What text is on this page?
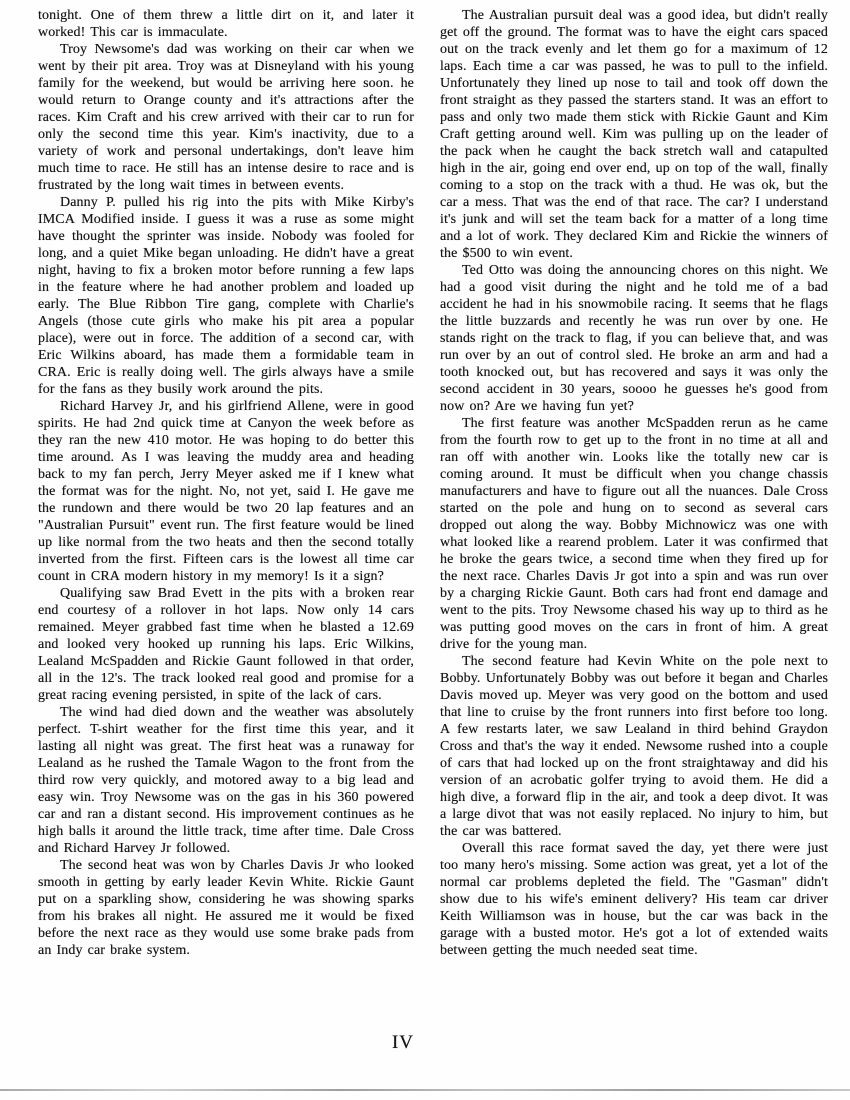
tonight. One of them threw a little dirt on it, and later it worked! This car is immaculate.

Troy Newsome's dad was working on their car when we went by their pit area. Troy was at Disneyland with his young family for the weekend, but would be arriving here soon. he would return to Orange county and it's attractions after the races. Kim Craft and his crew arrived with their car to run for only the second time this year. Kim's inactivity, due to a variety of work and personal undertakings, don't leave him much time to race. He still has an intense desire to race and is frustrated by the long wait times in between events.

Danny P. pulled his rig into the pits with Mike Kirby's IMCA Modified inside. I guess it was a ruse as some might have thought the sprinter was inside. Nobody was fooled for long, and a quiet Mike began unloading. He didn't have a great night, having to fix a broken motor before running a few laps in the feature where he had another problem and loaded up early. The Blue Ribbon Tire gang, complete with Charlie's Angels (those cute girls who make his pit area a popular place), were out in force. The addition of a second car, with Eric Wilkins aboard, has made them a formidable team in CRA. Eric is really doing well. The girls always have a smile for the fans as they busily work around the pits.

Richard Harvey Jr, and his girlfriend Allene, were in good spirits. He had 2nd quick time at Canyon the week before as they ran the new 410 motor. He was hoping to do better this time around. As I was leaving the muddy area and heading back to my fan perch, Jerry Meyer asked me if I knew what the format was for the night. No, not yet, said I. He gave me the rundown and there would be two 20 lap features and an "Australian Pursuit" event run. The first feature would be lined up like normal from the two heats and then the second totally inverted from the first. Fifteen cars is the lowest all time car count in CRA modern history in my memory! Is it a sign?

Qualifying saw Brad Evett in the pits with a broken rear end courtesy of a rollover in hot laps. Now only 14 cars remained. Meyer grabbed fast time when he blasted a 12.69 and looked very hooked up running his laps. Eric Wilkins, Lealand McSpadden and Rickie Gaunt followed in that order, all in the 12's. The track looked real good and promise for a great racing evening persisted, in spite of the lack of cars.

The wind had died down and the weather was absolutely perfect. T-shirt weather for the first time this year, and it lasting all night was great. The first heat was a runaway for Lealand as he rushed the Tamale Wagon to the front from the third row very quickly, and motored away to a big lead and easy win. Troy Newsome was on the gas in his 360 powered car and ran a distant second. His improvement continues as he high balls it around the little track, time after time. Dale Cross and Richard Harvey Jr followed.

The second heat was won by Charles Davis Jr who looked smooth in getting by early leader Kevin White. Rickie Gaunt put on a sparkling show, considering he was showing sparks from his brakes all night. He assured me it would be fixed before the next race as they would use some brake pads from an Indy car brake system.

The Australian pursuit deal was a good idea, but didn't really get off the ground. The format was to have the eight cars spaced out on the track evenly and let them go for a maximum of 12 laps. Each time a car was passed, he was to pull to the infield. Unfortunately they lined up nose to tail and took off down the front straight as they passed the starters stand. It was an effort to pass and only two made them stick with Rickie Gaunt and Kim Craft getting around well. Kim was pulling up on the leader of the pack when he caught the back stretch wall and catapulted high in the air, going end over end, up on top of the wall, finally coming to a stop on the track with a thud. He was ok, but the car a mess. That was the end of that race. The car? I understand it's junk and will set the team back for a matter of a long time and a lot of work. They declared Kim and Rickie the winners of the $500 to win event.

Ted Otto was doing the announcing chores on this night. We had a good visit during the night and he told me of a bad accident he had in his snowmobile racing. It seems that he flags the little buzzards and recently he was run over by one. He stands right on the track to flag, if you can believe that, and was run over by an out of control sled. He broke an arm and had a tooth knocked out, but has recovered and says it was only the second accident in 30 years, soooo he guesses he's good from now on? Are we having fun yet?

The first feature was another McSpadden rerun as he came from the fourth row to get up to the front in no time at all and ran off with another win. Looks like the totally new car is coming around. It must be difficult when you change chassis manufacturers and have to figure out all the nuances. Dale Cross started on the pole and hung on to second as several cars dropped out along the way. Bobby Michnowicz was one with what looked like a rearend problem. Later it was confirmed that he broke the gears twice, a second time when they fired up for the next race. Charles Davis Jr got into a spin and was run over by a charging Rickie Gaunt. Both cars had front end damage and went to the pits. Troy Newsome chased his way up to third as he was putting good moves on the cars in front of him. A great drive for the young man.

The second feature had Kevin White on the pole next to Bobby. Unfortunately Bobby was out before it began and Charles Davis moved up. Meyer was very good on the bottom and used that line to cruise by the front runners into first before too long. A few restarts later, we saw Lealand in third behind Graydon Cross and that's the way it ended. Newsome rushed into a couple of cars that had locked up on the front straightaway and did his version of an acrobatic golfer trying to avoid them. He did a high dive, a forward flip in the air, and took a deep divot. It was a large divot that was not easily replaced. No injury to him, but the car was battered.

Overall this race format saved the day, yet there were just too many hero's missing. Some action was great, yet a lot of the normal car problems depleted the field. The "Gasman" didn't show due to his wife's eminent delivery? His team car driver Keith Williamson was in house, but the car was back in the garage with a busted motor. He's got a lot of extended waits between getting the much needed seat time.

IV
